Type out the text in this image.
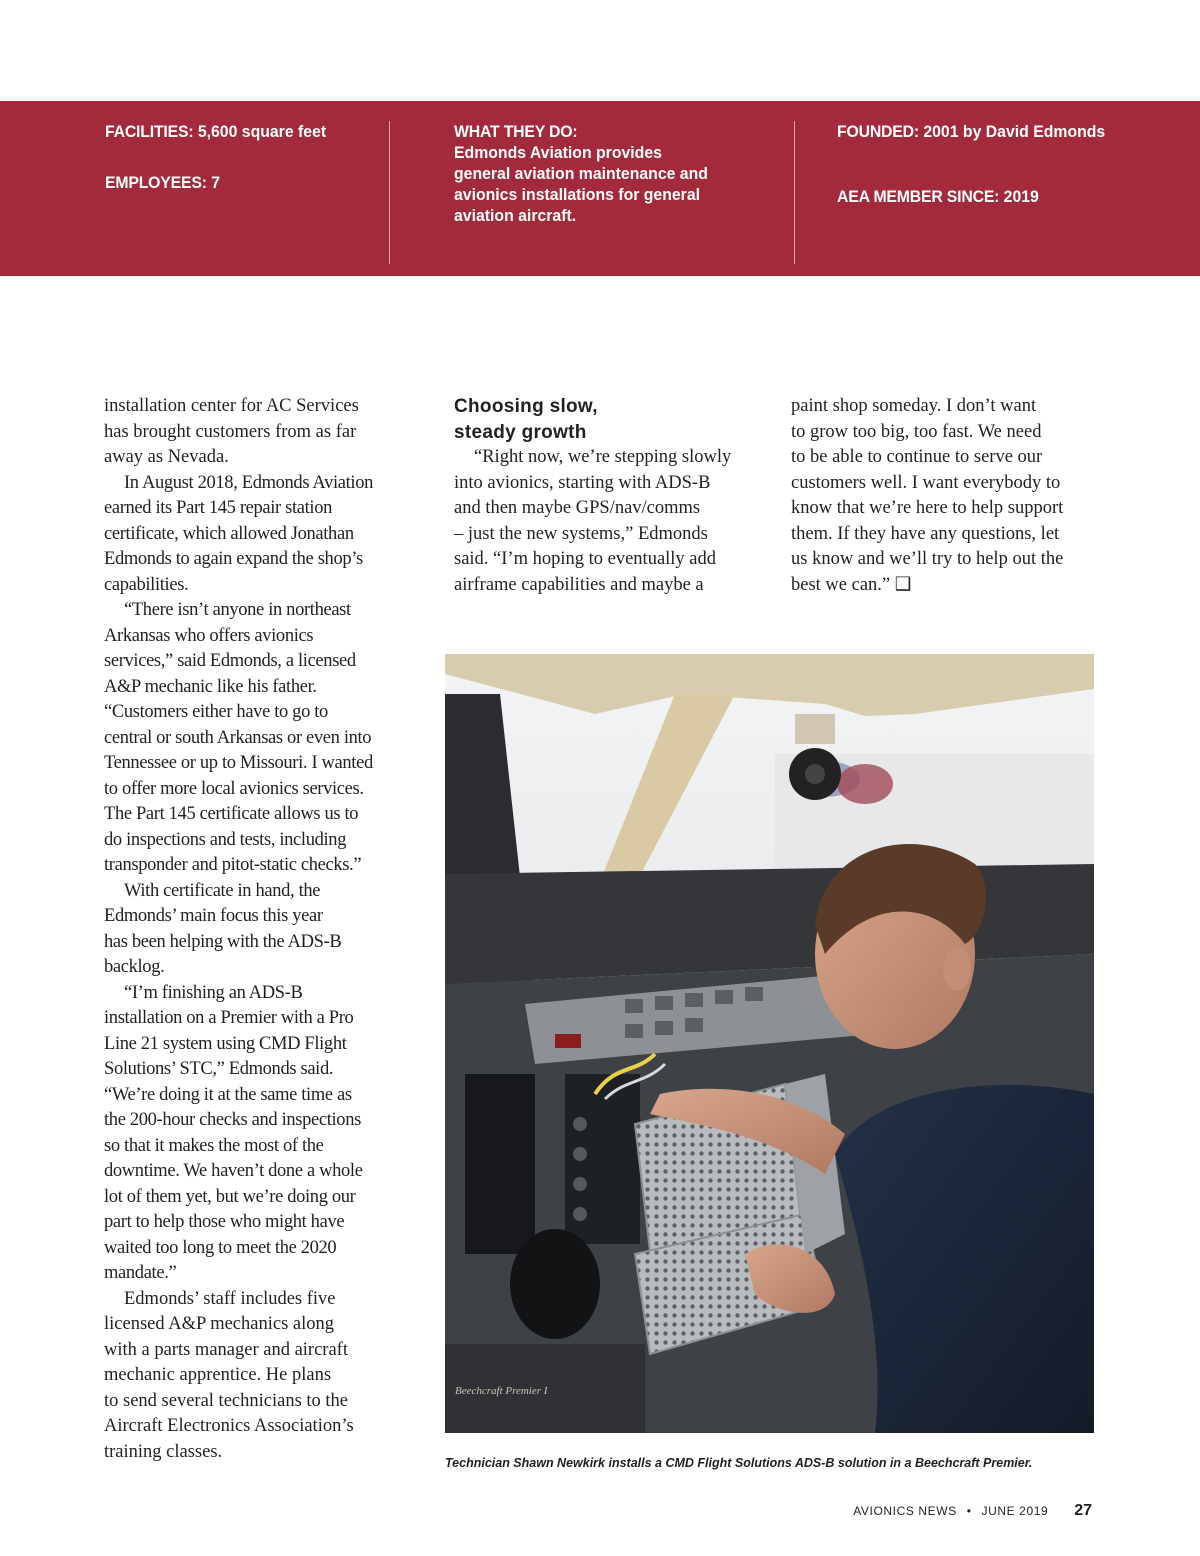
FACILITIES: 5,600 square feet
EMPLOYEES: 7
WHAT THEY DO:
Edmonds Aviation provides
general aviation maintenance and
avionics installations for general
aviation aircraft.
FOUNDED: 2001 by David Edmonds
AEA MEMBER SINCE: 2019

installation center for AC Services

has brought customers from as far

away as Nevada.

In August 2018, Edmonds Aviation

earned its Part 145 repair station

certificate, which allowed Jonathan

Edmonds to again expand the shop’s

capabilities.

“There isn’t anyone in northeast

Arkansas who offers avionics

services,” said Edmonds, a licensed

A&P mechanic like his father.

“Customers either have to go to

central or south Arkansas or even into

Tennessee or up to Missouri. I wanted

to offer more local avionics services.

The Part 145 certificate allows us to

do inspections and tests, including

transponder and pitot-static checks.”

With certificate in hand, the

Edmonds’ main focus this year

has been helping with the ADS-B

backlog.

“I’m finishing an ADS-B

installation on a Premier with a Pro

Line 21 system using CMD Flight

Solutions’ STC,” Edmonds said.

“We’re doing it at the same time as

the 200-hour checks and inspections

so that it makes the most of the

downtime. We haven’t done a whole

lot of them yet, but we’re doing our

part to help those who might have

waited too long to meet the 2020

mandate.”

Edmonds’ staff includes five

licensed A&P mechanics along

with a parts manager and aircraft

mechanic apprentice. He plans

to send several technicians to the

Aircraft Electronics Association’s

training classes.

Choosing slow,
steady growth

“Right now, we’re stepping slowly

into avionics, starting with ADS-B

and then maybe GPS/nav/comms

– just the new systems,” Edmonds

said. “I’m hoping to eventually add

airframe capabilities and maybe a

paint shop someday. I don’t want

to grow too big, too fast. We need

to be able to continue to serve our

customers well. I want everybody to

know that we’re here to help support

them. If they have any questions, let

us know and we’ll try to help out the

best we can.” ❑

Beechcraft Premier I
Technician Shawn Newkirk installs a CMD Flight Solutions ADS-B solution in a Beechcraft Premier.
AVIONICS NEWS • JUNE 2019 27
